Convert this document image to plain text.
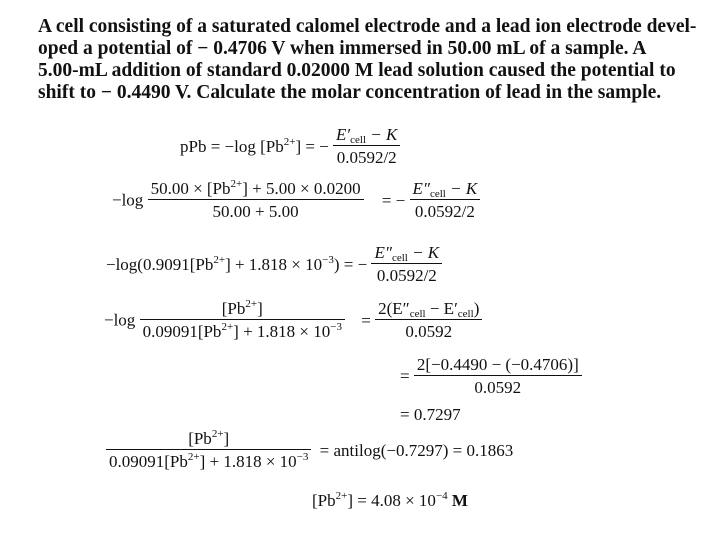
A cell consisting of a saturated calomel electrode and a lead ion electrode devel-
oped a potential of − 0.4706 V when immersed in 50.00 mL of a sample. A
5.00-mL addition of standard 0.02000 M lead solution caused the potential to
shift to − 0.4490 V. Calculate the molar concentration of lead in the sample.
pPb = −log $[Pb^{2+}]$ = − $\frac{E'_{cell} - K}{0.0592/2}$
$-\log \frac{50.00 \times [Pb^{2+}] + 5.00 \times 0.0200}{50.00 + 5.00}$ = − $\frac{E''_{cell} - K}{0.0592/2}$
$-\log(0.9091[Pb^{2+}] + 1.818 \times 10^{-3})$ = − $\frac{E''_{cell} - K}{0.0592/2}$
$-\log \frac{[Pb^{2+}]}{0.09091[Pb^{2+}] + 1.818 \times 10^{-3}} = \frac{2(E''_{cell} - E'_{cell})}{0.0592}$
= $\frac{2[-0.4490 - (-0.4706)]}{0.0592}$
= 0.7297
$\frac{[Pb^{2+}]}{0.09091[Pb^{2+}] + 1.818 \times 10^{-3}}$ = antilog(−0.7297) = 0.1863
$[Pb^{2+}] = 4.08 \times 10^{-4}$ M
